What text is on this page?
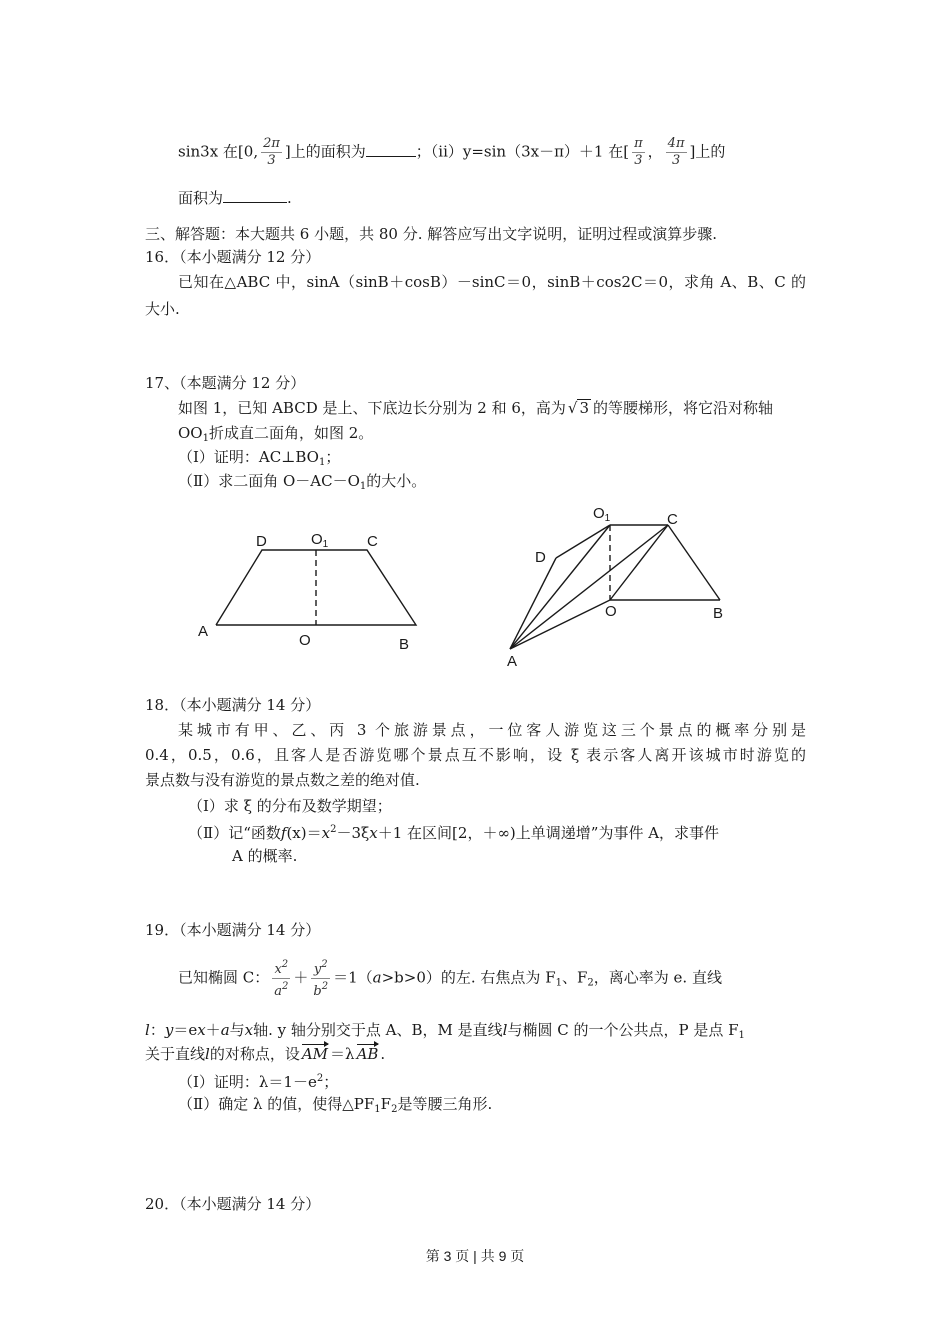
sin3x 在[0, $\frac{2\pi}{3}$ ]上的面积为	；（ii）y=sin（3x－π）＋1 在[ $\frac{\pi}{3}$ ， $\frac{4\pi}{3}$ ]上的
面积为	.
三、解答题：本大题共 6 小题，共 80 分. 解答应写出文字说明，证明过程或演算步骤.
16．（本小题满分 12 分）
已知在△ABC 中，sinA（sinB＋cosB）－sinC＝0，sinB＋cos2C＝0，求角 A、B、C 的
大小.
17、（本题满分 12 分）
如图 1，已知 ABCD 是上、下底边长分别为 2 和 6，高为 √ 3 的等腰梯形，将它沿对称轴
$OO_1$折成直二面角，如图 2。
（Ⅰ）证明：$AC\perp BO_1$；
（Ⅱ）求二面角 $O-AC-O_1$的大小。
D	$O_1$	C
A
O	B
$O_1$	C
D
O	B
A
18．（本小题满分 14 分）
某城市有甲、乙、丙 3 个旅游景点，一位客人游览这三个景点的概率分别是
0.4，0.5，0.6，且客人是否游览哪个景点互不影响，设 ξ 表示客人离开该城市时游览的
景点数与没有游览的景点数之差的绝对值.
（Ⅰ）求 ξ 的分布及数学期望；
（Ⅱ）记“函数$f(x)=x^2-3\xi x+1$ 在区间[2，＋∞)上单调递增”为事件 A，求事件
A 的概率.
19．（本小题满分 14 分）
已知椭圆 C： $\frac{x^2}{a^2} + \frac{y^2}{b^2} =1(a>b>0)$的左. 右焦点为 $F_1$、$F_2$，离心率为 e. 直线
l：y＝ex＋a与x轴. y 轴分别交于点 A、B，M 是直线l与椭圆 C 的一个公共点，P 是点 $F_1$
关于直线l的对称点，设 AM ＝λ AB .
（Ⅰ）证明：$\lambda=1-e^2$；
（Ⅱ）确定 λ 的值，使得$\triangle PF_1F_2$是等腰三角形.
20．（本小题满分 14 分）
第 3 页 | 共 9 页
